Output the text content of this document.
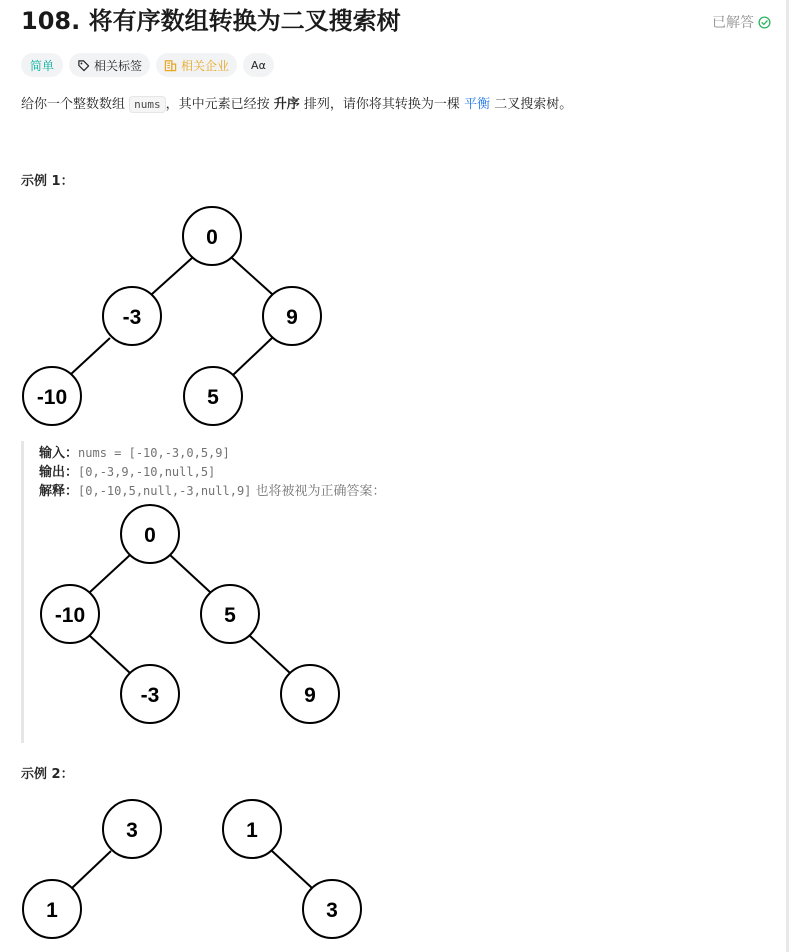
108. 将有序数组转换为二叉搜索树	已解答
简单	相关标签	相关企业 Aα
给你一个整数数组 nums ，其中元素已经按 升序 排列，请你将其转换为一棵 平衡 二叉搜索树。
示例 1：
0
-3	9
-10	5
输入：nums = [-10,-3,0,5,9]
输出：[0,-3,9,-10,null,5]
解释：[0,-10,5,null,-3,null,9] 也将被视为正确答案：
0
-10	5
-3	9
示例 2：
3
1
1
3
